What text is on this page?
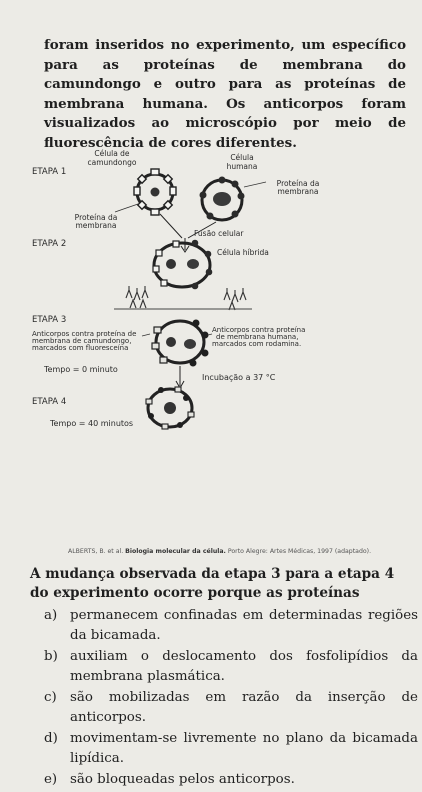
foram inseridos no experimento, um específico para as proteínas de membrana do camundongo e outro para as proteínas de membrana humana. Os anticorpos foram visualizados ao microscópio por meio de fluorescência de cores diferentes.
ETAPA 1
Célula de
camundongo
Célula
humana
Proteína da
membrana
Proteína da
membrana
Fusão celular
ETAPA 2
Célula híbrida
ETAPA 3
Anticorpos contra proteína de
membrana de camundongo,
marcados com fluoresceína
Anticorpos contra proteína
de membrana humana,
marcados com rodamina.
Tempo = 0 minuto
Incubação a 37 °C
ETAPA 4
Tempo = 40 minutos
ALBERTS, B. et al. Biologia molecular da célula. Porto Alegre: Artes Médicas, 1997 (adaptado).
A mudança observada da etapa 3 para a etapa 4 do experimento ocorre porque as proteínas
a) permanecem confinadas em determinadas regiões da bicamada.
b) auxiliam o deslocamento dos fosfolipídios da membrana plasmática.
c) são mobilizadas em razão da inserção de anticorpos.
d) movimentam-se livremente no plano da bicamada lipídica.
e) são bloqueadas pelos anticorpos.
